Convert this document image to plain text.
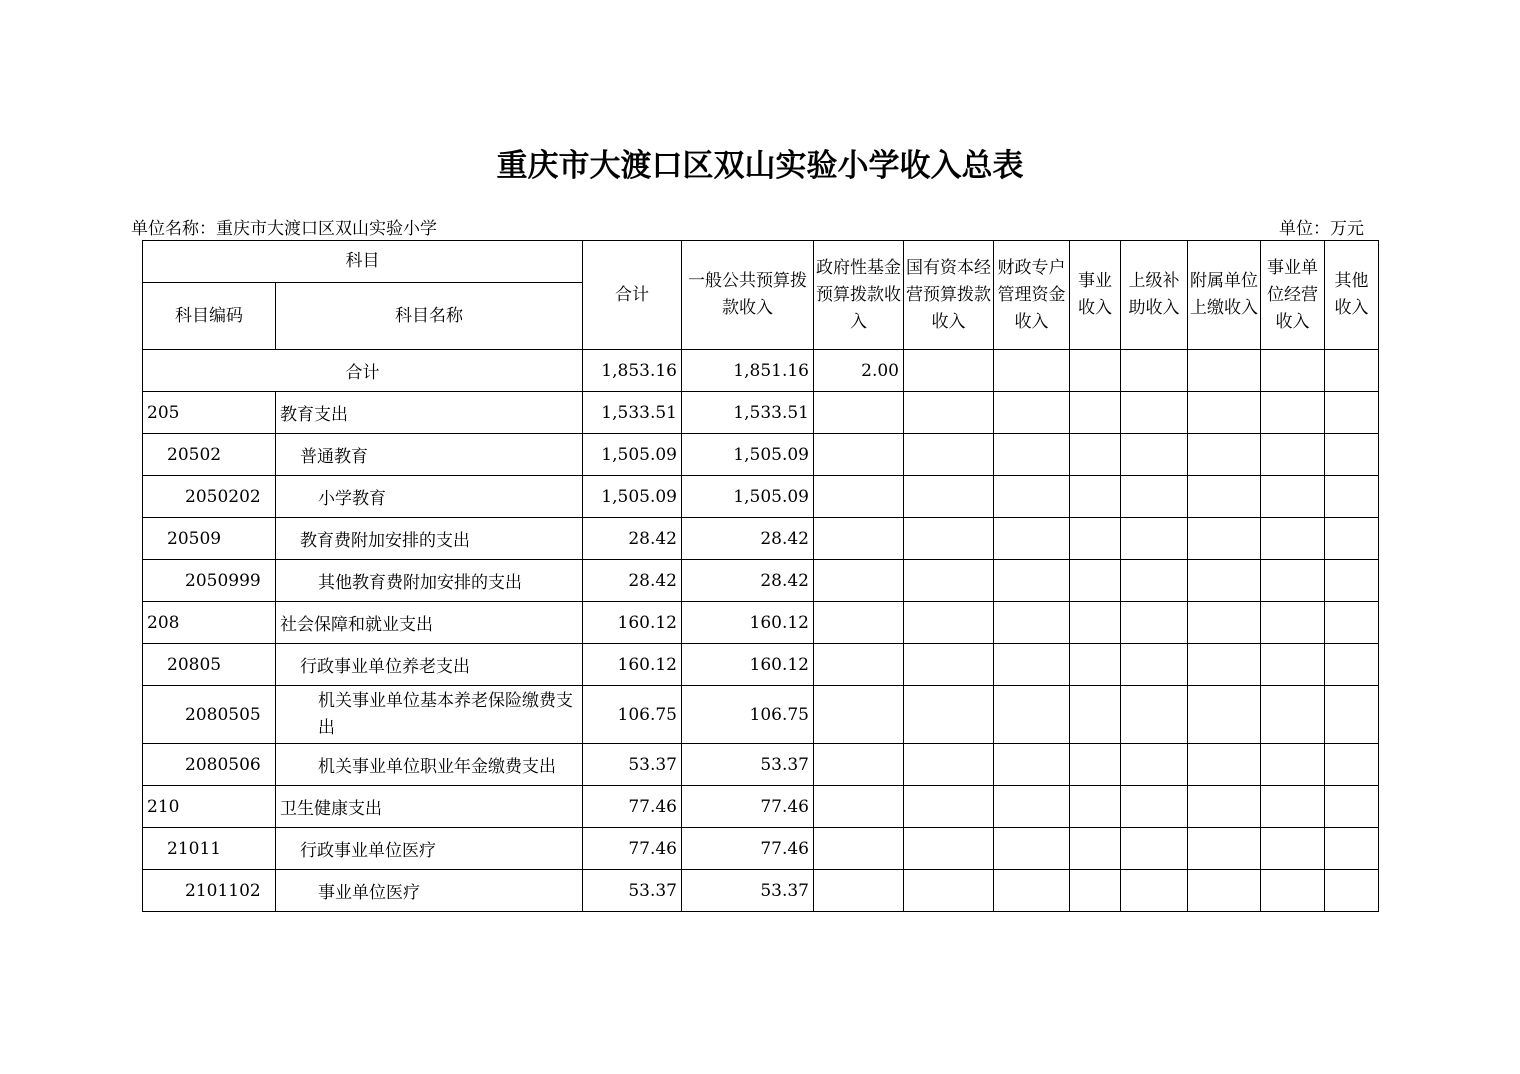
重庆市大渡口区双山实验小学收入总表
单位名称：重庆市大渡口区双山实验小学	单位：万元
科目		合计	一般公共预算拨款收入	政府性基金预算拨款收入	国有资本经营预算拨款收入	财政专户管理资金收入	事业收入	上级补助收入	附属单位上缴收入	事业单位经营收入	其他收入
科目编码	科目名称										
合计		1,853.16	1,851.16	2.00							
205	教育支出	1,533.51	1,533.51								
20502	普通教育	1,505.09	1,505.09								
2050202	小学教育	1,505.09	1,505.09								
20509	教育费附加安排的支出	28.42	28.42								
2050999	其他教育费附加安排的支出	28.42	28.42								
208	社会保障和就业支出	160.12	160.12								
20805	行政事业单位养老支出	160.12	160.12								
2080505	机关事业单位基本养老保险缴费支出	106.75	106.75								
2080506	机关事业单位职业年金缴费支出	53.37	53.37								
210	卫生健康支出	77.46	77.46								
21011	行政事业单位医疗	77.46	77.46								
2101102	事业单位医疗	53.37	53.37								
